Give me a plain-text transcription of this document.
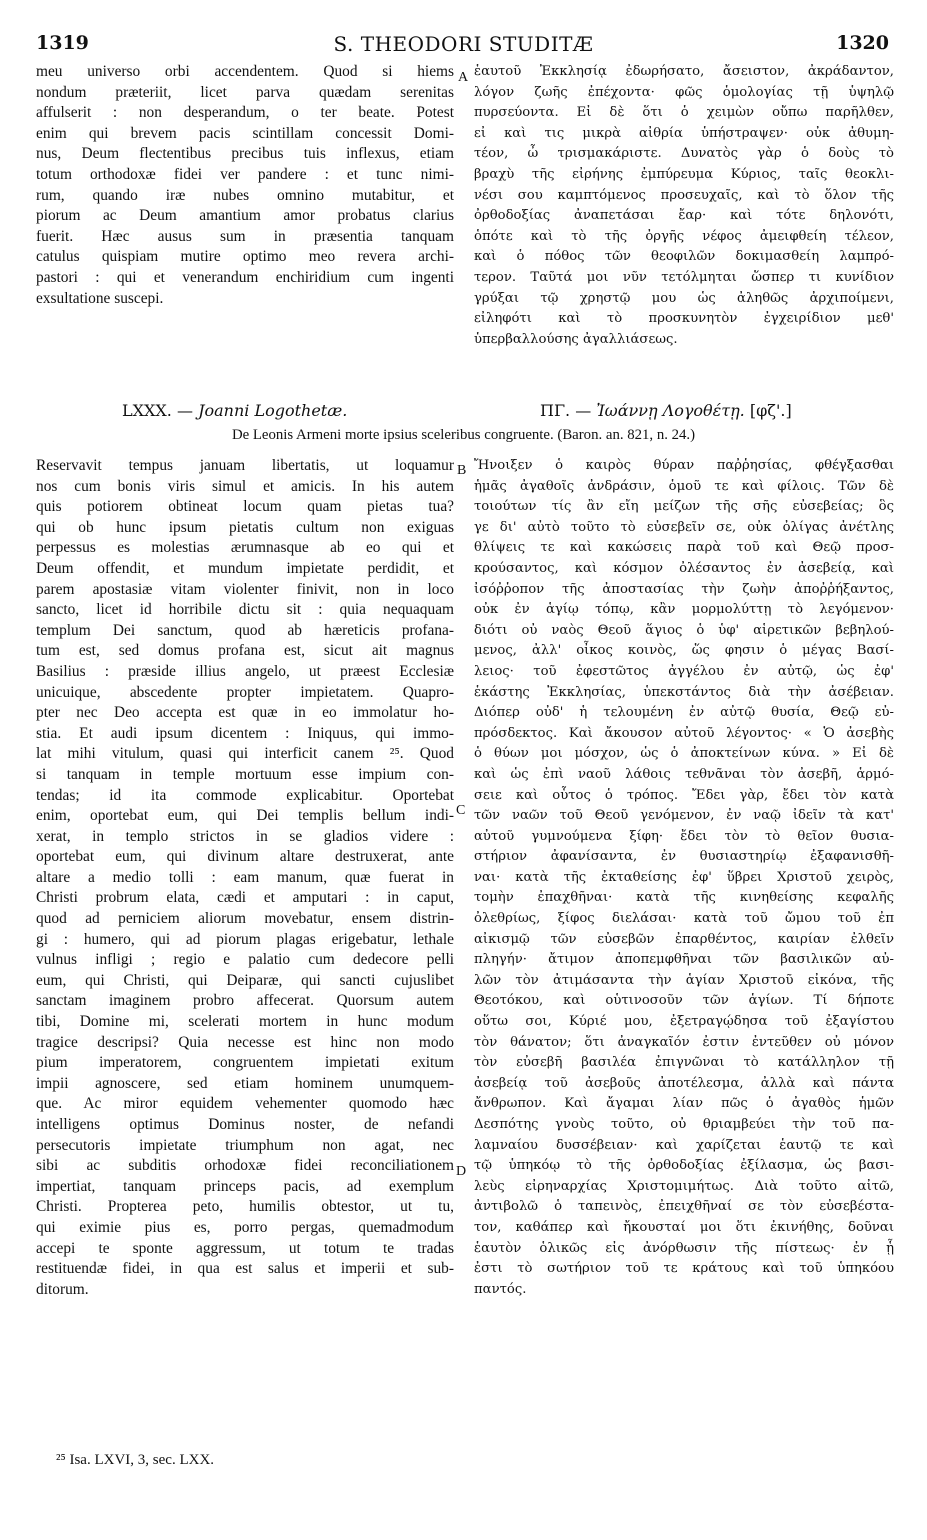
S. THEODORI STUDITÆ
1319	1320
meu universo orbi accendentem. Quod si hiems
nondum præteriit, licet parva quædam serenitas
affulserit : non desperandum, o ter beate. Potest
enim qui brevem pacis scintillam concessit Domi-
nus, Deum flectentibus precibus tuis inflexus, etiam
totum orthodoxæ fidei ver pandere : et tunc nimi-
rum, quando iræ nubes omnino mutabitur, et
piorum ac Deum amantium amor probatus clarius
fuerit. Hæc ausus sum in præsentia tanquam
catulus quispiam mutire optimo meo revera archi-
pastori : qui et venerandum enchiridium cum ingenti
exsultatione suscepi.
ἑαυτοῦ Ἐκκλησίᾳ ἐδωρήσατο, ἄσειστον, ἀκράδαντον,
λόγον ζωῆς ἐπέχοντα· φῶς ὁμολογίας τῇ ὑψηλῷ
πυρσεύοντα. Εἰ δὲ ὅτι ὁ χειμὼν οὔπω παρῆλθεν,
εἰ καὶ τις μικρὰ αἰθρία ὑπήστραψεν· οὐκ ἀθυμη-
τέον, ὦ τρισμακάριστε. Δυνατὸς γὰρ ὁ δοὺς τὸ
βραχὺ τῆς εἰρήνης ἐμπύρευμα Κύριος, ταῖς θεοκλι-
νέσι σου καμπτόμενος προσευχαῖς, καὶ τὸ ὅλον τῆς
ὀρθοδοξίας ἀναπετάσαι ἔαρ· καὶ τότε δηλονότι,
ὁπότε καὶ τὸ τῆς ὀργῆς νέφος ἀμειφθείη τέλεον,
καὶ ὁ πόθος τῶν θεοφιλῶν δοκιμασθείη λαμπρό-
τερον. Ταῦτά μοι νῦν τετόλμηται ὥσπερ τι κυνίδιον
γρύξαι τῷ χρηστῷ μου ὡς ἀληθῶς ἀρχιποίμενι,
εἰληφότι καὶ τὸ προσκυνητὸν ἐγχειρίδιον μεθ'
ὑπερβαλλούσης ἀγαλλιάσεως.
A
LXXX. — Joanni Logothetæ.	ΠΓ. — Ἰωάννῃ Λογοθέτῃ. [φζ'.]
De Leonis Armeni morte ipsius sceleribus congruente. (Baron. an. 821, n. 24.)
Reservavit tempus januam libertatis, ut loquamur
nos cum bonis viris simul et amicis. In his autem
quis potiorem obtineat locum quam pietas tua?
qui ob hunc ipsum pietatis cultum non exiguas
perpessus es molestias ærumnasque ab eo qui et
Deum offendit, et mundum impietate perdidit, et
parem apostasiæ vitam violenter finivit, non in loco
sancto, licet id horribile dictu sit : quia nequaquam
templum Dei sanctum, quod ab hæreticis profana-
tum est, sed domus profana est, sicut ait magnus
Basilius : præside illius angelo, ut præest Ecclesiæ
unicuique, abscedente propter impietatem. Quapro-
pter nec Deo accepta est quæ in eo immolatur ho-
stia. Et audi ipsum dicentem : Iniquus, qui immo-
lat mihi vitulum, quasi qui interficit canem ²⁵. Quod
si tanquam in temple mortuum esse impium con-
tendas; id ita commode explicabitur. Oportebat
enim, oportebat eum, qui Dei templis bellum indi-
xerat, in templo strictos in se gladios videre :
oportebat eum, qui divinum altare destruxerat, ante
altare a medio tolli : eam manum, quæ fuerat in
Christi probrum elata, cædi et amputari : in caput,
quod ad perniciem aliorum movebatur, ensem distrin-
gi : humero, qui ad piorum plagas erigebatur, lethale
vulnus infligi ; regio e palatio cum dedecore pelli
eum, qui Christi, qui Deiparæ, qui sancti cujuslibet
sanctam imaginem probro affecerat. Quorsum autem
tibi, Domine mi, scelerati mortem in hunc modum
tragice descripsi? Quia necesse est hinc non modo
pium imperatorem, congruentem impietati exitum
impii agnoscere, sed etiam hominem unumquem-
que. Ac miror equidem vehementer quomodo hæc
intelligens optimus Dominus noster, de nefandi
persecutoris impietate triumphum non agat, nec
sibi ac subditis orhodoxæ fidei reconciliationem
impertiat, tanquam princeps pacis, ad exemplum
Christi. Propterea peto, humilis obtestor, ut tu,
qui eximie pius es, porro pergas, quemadmodum
accepi te sponte aggressum, ut totum te tradas
restituendæ fidei, in qua est salus et imperii et sub-
ditorum.
Ἤνοιξεν ὁ καιρὸς θύραν παῤῥησίας, φθέγξασθαι
ἡμᾶς ἀγαθοῖς ἀνδράσιν, ὁμοῦ τε καὶ φίλοις. Τῶν δὲ
τοιούτων τίς ἂν εἴη μείζων τῆς σῆς εὐσεβείας; ὃς
γε δι' αὐτὸ τοῦτο τὸ εὐσεβεῖν σε, οὐκ ὀλίγας ἀνέτλης
θλίψεις τε καὶ κακώσεις παρὰ τοῦ καὶ Θεῷ προσ-
κρούσαντος, καὶ κόσμον ὀλέσαντος ἐν ἀσεβείᾳ, καὶ
ἰσόῤῥοπον τῆς ἀποστασίας τὴν ζωὴν ἀποῤῥήξαντος,
οὐκ ἐν ἁγίῳ τόπῳ, κἂν μορμολύττῃ τὸ λεγόμενον·
διότι οὐ ναὸς Θεοῦ ἅγιος ὁ ὑφ' αἱρετικῶν βεβηλού-
μενος, ἀλλ' οἶκος κοινὸς, ὥς φησιν ὁ μέγας Βασί-
λειος· τοῦ ἐφεστῶτος ἀγγέλου ἐν αὐτῷ, ὡς ἐφ'
ἑκάστης Ἐκκλησίας, ὑπεκστάντος διὰ τὴν ἀσέβειαν.
Διόπερ οὐδ' ἡ τελουμένη ἐν αὐτῷ θυσία, Θεῷ εὐ-
πρόσδεκτος. Καὶ ἄκουσον αὐτοῦ λέγοντος· « Ὁ ἀσεβὴς
ὁ θύων μοι μόσχον, ὡς ὁ ἀποκτείνων κύνα. » Εἰ δὲ
καὶ ὡς ἐπὶ ναοῦ λάθοις τεθνᾶναι τὸν ἀσεβῆ, ἁρμό-
σειε καὶ οὗτος ὁ τρόπος. Ἔδει γὰρ, ἔδει τὸν κατὰ
τῶν ναῶν τοῦ Θεοῦ γενόμενον, ἐν ναῷ ἰδεῖν τὰ κατ'
αὐτοῦ γυμνούμενα ξίφη· ἔδει τὸν τὸ θεῖον θυσια-
στήριον ἀφανίσαντα, ἐν θυσιαστηρίῳ ἐξαφανισθῆ-
ναι· κατὰ τῆς ἐκταθείσης ἐφ' ὕβρει Χριστοῦ χειρὸς,
τομὴν ἐπαχθῆναι· κατὰ τῆς κινηθείσης κεφαλῆς
ὀλεθρίως, ξίφος διελάσαι· κατὰ τοῦ ὤμου τοῦ ἐπ
αἰκισμῷ τῶν εὐσεβῶν ἐπαρθέντος, καιρίαν ἐλθεῖν
πληγήν· ἄτιμον ἀποπεμφθῆναι τῶν βασιλικῶν αὐ-
λῶν τὸν ἀτιμάσαντα τὴν ἁγίαν Χριστοῦ εἰκόνα, τῆς
Θεοτόκου, καὶ οὑτινοσοῦν τῶν ἁγίων. Τί δήποτε
οὕτω σοι, Κύριέ μου, ἐξετραγῴδησα τοῦ ἐξαγίστου
τὸν θάνατον; ὅτι ἀναγκαῖόν ἐστιν ἐντεῦθεν οὐ μόνον
τὸν εὐσεβῆ βασιλέα ἐπιγνῶναι τὸ κατάλληλον τῇ
ἀσεβείᾳ τοῦ ἀσεβοῦς ἀποτέλεσμα, ἀλλὰ καὶ πάντα
ἄνθρωπον. Καὶ ἄγαμαι λίαν πῶς ὁ ἀγαθὸς ἡμῶν
Δεσπότης γνοὺς τοῦτο, οὐ θριαμβεύει τὴν τοῦ πα-
λαμναίου δυσσέβειαν· καὶ χαρίζεται ἑαυτῷ τε καὶ
τῷ ὑπηκόῳ τὸ τῆς ὀρθοδοξίας ἐξίλασμα, ὡς βασι-
λεὺς εἰρηναρχίας Χριστομιμήτως. Διὰ τοῦτο αἰτῶ,
ἀντιβολῶ ὁ ταπεινὸς, ἐπειχθῆναί σε τὸν εὐσεβέστα-
τον, καθάπερ καὶ ἤκουσταί μοι ὅτι ἐκινήθης, δοῦναι
ἑαυτὸν ὁλικῶς εἰς ἀνόρθωσιν τῆς πίστεως· ἐν ᾗ
ἐστι τὸ σωτήριον τοῦ τε κράτους καὶ τοῦ ὑπηκόου
παντός.
B
C
D
²⁵ Isa. LXVI, 3, sec. LXX.
